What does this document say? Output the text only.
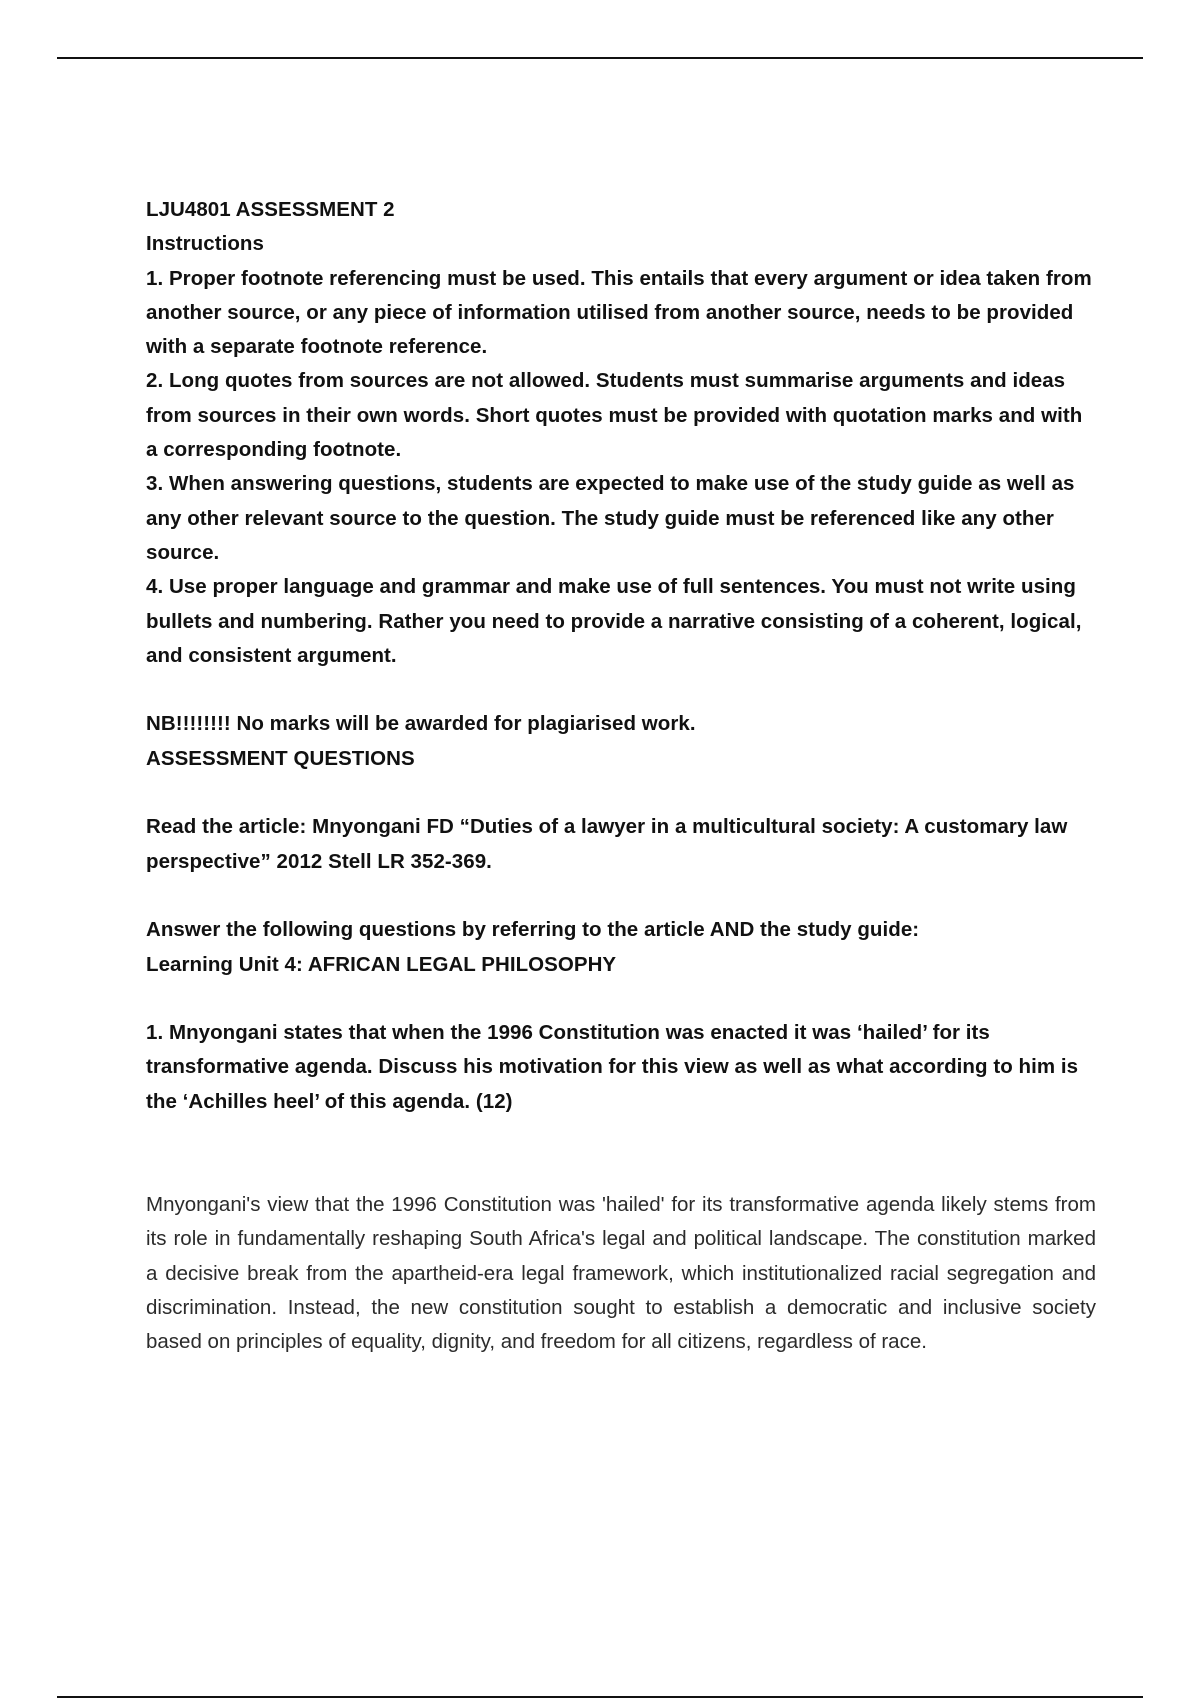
LJU4801 ASSESSMENT 2

Instructions

1. Proper footnote referencing must be used. This entails that every argument or idea taken from another source, or any piece of information utilised from another source, needs to be provided with a separate footnote reference.

2. Long quotes from sources are not allowed. Students must summarise arguments and ideas from sources in their own words. Short quotes must be provided with quotation marks and with a corresponding footnote.

3. When answering questions, students are expected to make use of the study guide as well as any other relevant source to the question. The study guide must be referenced like any other source.

4. Use proper language and grammar and make use of full sentences. You must not write using bullets and numbering. Rather you need to provide a narrative consisting of a coherent, logical, and consistent argument.

NB!!!!!!!! No marks will be awarded for plagiarised work.

ASSESSMENT QUESTIONS

Read the article: Mnyongani FD “Duties of a lawyer in a multicultural society: A customary law perspective” 2012 Stell LR 352-369.

Answer the following questions by referring to the article AND the study guide:

Learning Unit 4: AFRICAN LEGAL PHILOSOPHY

1. Mnyongani states that when the 1996 Constitution was enacted it was ‘hailed’ for its transformative agenda. Discuss his motivation for this view as well as what according to him is the ‘Achilles heel’ of this agenda. (12)

Mnyongani's view that the 1996 Constitution was 'hailed' for its transformative agenda likely stems from its role in fundamentally reshaping South Africa's legal and political landscape. The constitution marked a decisive break from the apartheid-era legal framework, which institutionalized racial segregation and discrimination. Instead, the new constitution sought to establish a democratic and inclusive society based on principles of equality, dignity, and freedom for all citizens, regardless of race.
